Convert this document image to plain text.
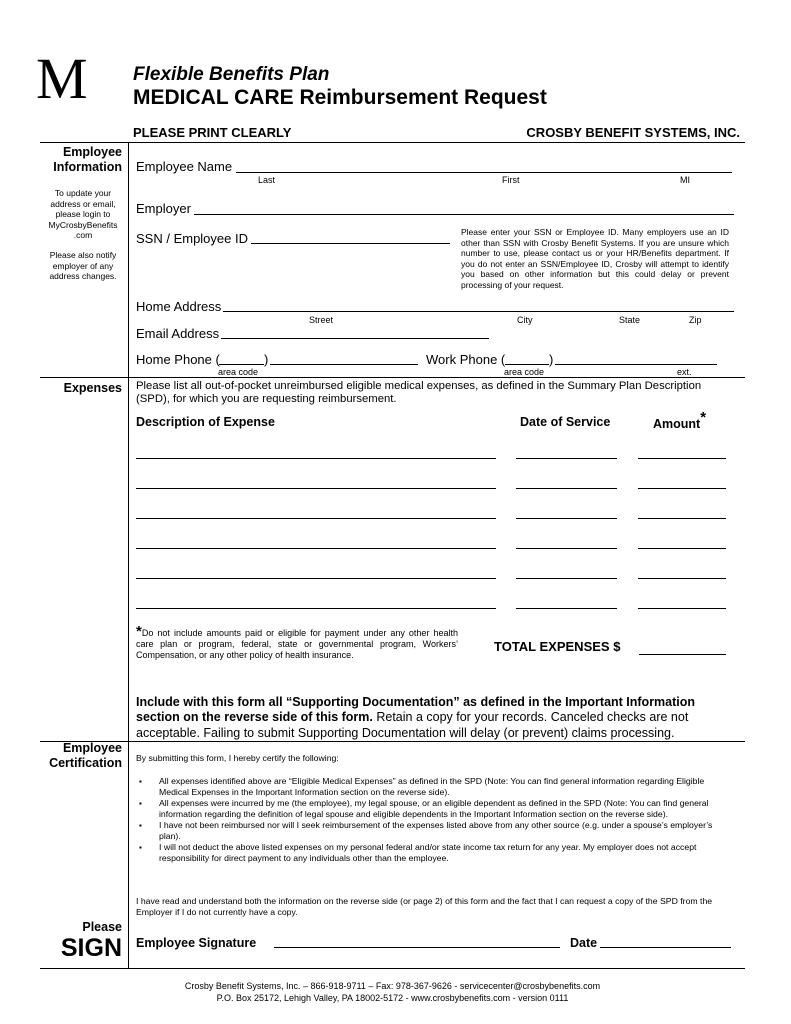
M Flexible Benefits Plan
MEDICAL CARE Reimbursement Request
PLEASE PRINT CLEARLY	CROSBY BENEFIT SYSTEMS, INC.
Employee
Information
To update your address or email, please login to MyCrosbyBenefits .com
Please also notify employer of any address changes.
Employee Name
Last	First	MI
Employer
SSN / Employee ID	Please enter your SSN or Employee ID. Many employers use an ID other than SSN with Crosby Benefit Systems. If you are unsure which number to use, please contact us or your HR/Benefits department. If you do not enter an SSN/Employee ID, Crosby will attempt to identify you based on other information but this could delay or prevent processing of your request.
Home Address
Street	City	State	Zip
Email Address
Home Phone (	)
area code
Work Phone (	)
area code	ext.
Expenses Please list all out-of-pocket unreimbursed eligible medical expenses, as defined in the Summary Plan Description (SPD), for which you are requesting reimbursement.
Description of Expense	Date of Service	Amount*
*Do not include amounts paid or eligible for payment under any other health care plan or program, federal, state or governmental program, Workers’ Compensation, or any other policy of health insurance.
TOTAL EXPENSES $
Include with this form all “Supporting Documentation” as defined in the Important Information section on the reverse side of this form. Retain a copy for your records. Canceled checks are not acceptable. Failing to submit Supporting Documentation will delay (or prevent) claims processing.
Employee
Certification By submitting this form, I hereby certify the following:
▪ All expenses identified above are “Eligible Medical Expenses” as defined in the SPD (Note: You can find general information regarding Eligible Medical Expenses in the Important Information section on the reverse side).
▪ All expenses were incurred by me (the employee), my legal spouse, or an eligible dependent as defined in the SPD (Note: You can find general information regarding the definition of legal spouse and eligible dependents in the Important Information section on the reverse side).
▪ I have not been reimbursed nor will I seek reimbursement of the expenses listed above from any other source (e.g. under a spouse’s employer’s plan).
▪ I will not deduct the above listed expenses on my personal federal and/or state income tax return for any year. My employer does not accept responsibility for direct payment to any individuals other than the employee.
I have read and understand both the information on the reverse side (or page 2) of this form and the fact that I can request a copy of the SPD from the Employer if I do not currently have a copy.
Please
SIGN Employee Signature	Date
Crosby Benefit Systems, Inc. – 866-918-9711 – Fax: 978-367-9626 - servicecenter@crosbybenefits.com
P.O. Box 25172, Lehigh Valley, PA 18002-5172 - www.crosbybenefits.com - version 0111
